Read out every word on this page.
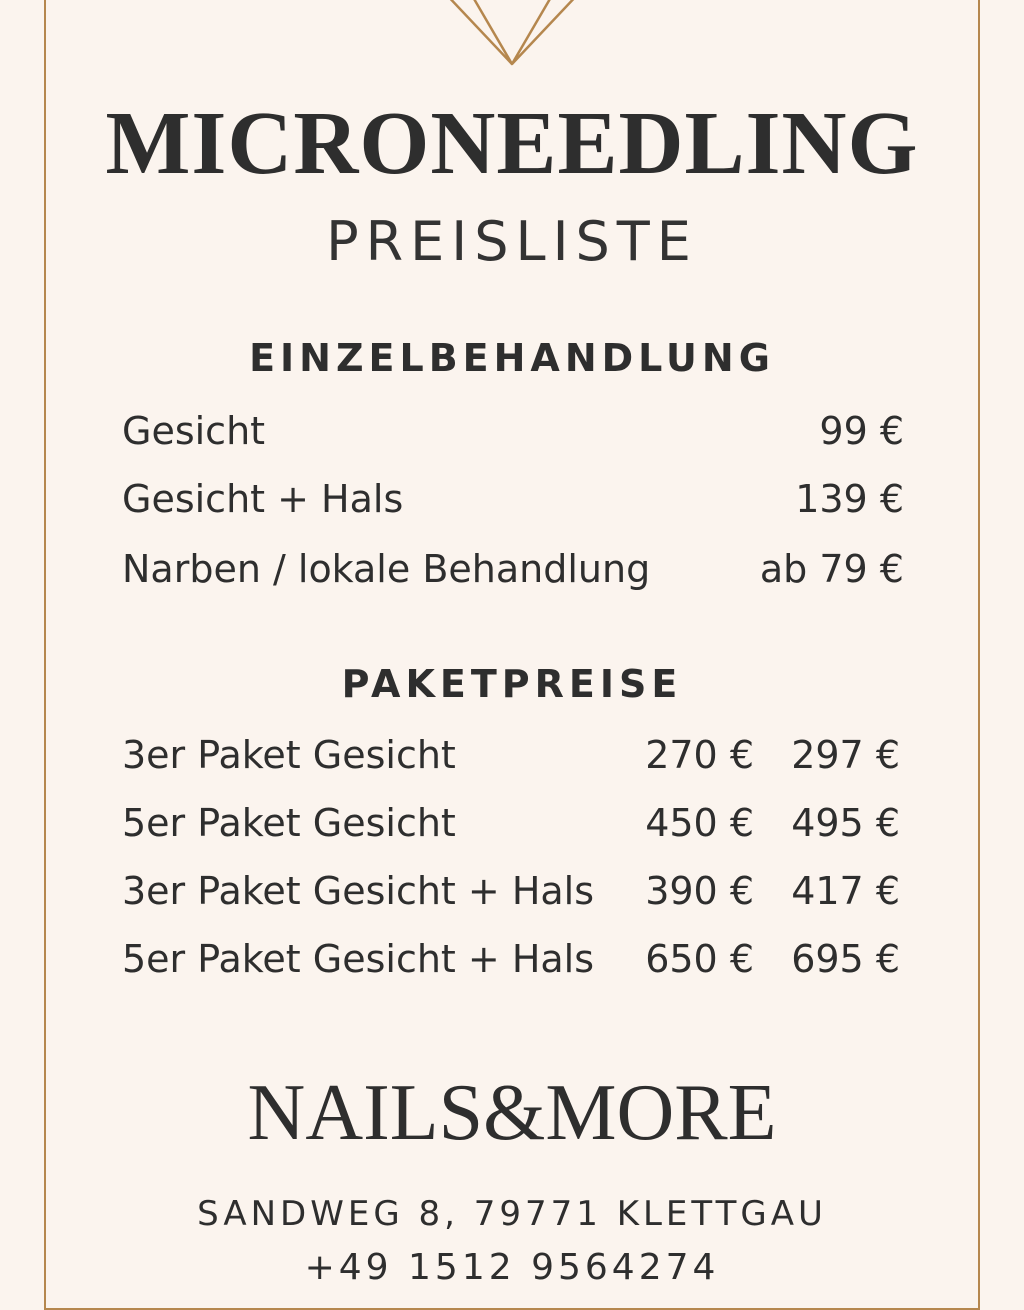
MICRONEEDLING
PREISLISTE
EINZELBEHANDLUNG
Gesicht	99 €
Gesicht + Hals	139 €
Narben / lokale Behandlung	ab 79 €
PAKETPREISE
3er Paket Gesicht	270 € 297 €
5er Paket Gesicht	450 € 495 €
3er Paket Gesicht + Hals 390 € 417 €
5er Paket Gesicht + Hals 650 € 695 €
NAILS&MORE
SANDWEG 8, 79771 KLETTGAU
+49 1512 9564274
